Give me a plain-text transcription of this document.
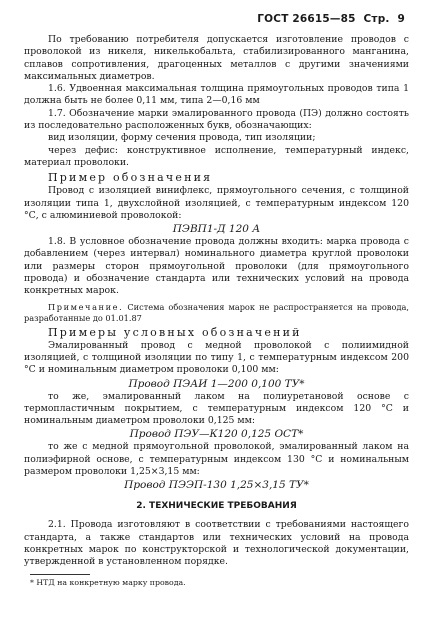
ГОСТ 26615—85 Стр. 9

По требованию потребителя допускается изготовление проводов с проволокой из никеля, никелькобальта, стабилизированного манганина, сплавов сопротивления, драгоценных металлов с другими значениями максимальных диаметров.

1.6. Удвоенная максимальная толщина прямоугольных проводов типа 1 должна быть не более 0,11 мм, типа 2—0,16 мм

1.7. Обозначение марки эмалированного провода (ПЭ) должно состоять из последовательно расположенных букв, обозначающих:

вид изоляции, форму сечения провода, тип изоляции;

через дефис: конструктивное исполнение, температурный индекс, материал проволоки.

Пример обозначения

Провод с изоляцией винифлекс, прямоугольного сечения, с толщиной изоляции типа 1, двухслойной изоляцией, с температурным индексом 120 °С, с алюминиевой проволокой:

ПЭВП1-Д 120 А

1.8. В условное обозначение провода должны входить: марка провода с добавлением (через интервал) номинального диаметра круглой проволоки или размеры сторон прямоугольной проволоки (для прямоугольного провода) и обозначение стандарта или технических условий на провода конкретных марок.

Примечание. Система обозначения марок не распространяется на провода, разработанные до 01.01.87

Примеры условных обозначений

Эмалированный провод с медной проволокой с полиимидной изоляцией, с толщиной изоляции по типу 1, с температурным индексом 200 °С и номинальным диаметром проволоки 0,100 мм:

Провод ПЭАИ 1—200 0,100 ТУ*

то же, эмалированный лаком на полиуретановой основе с термопластичным покрытием, с температурным индексом 120 °С и номинальным диаметром проволоки 0,125 мм:

Провод ПЭУ—К120 0,125 ОСТ*

то же с медной прямоугольной проволокой, эмалированный лаком на полиэфирной основе, с температурным индексом 130 °С и номинальным размером проволоки 1,25×3,15 мм:

Провод ПЭЭП-130 1,25×3,15 ТУ*

2. ТЕХНИЧЕСКИЕ ТРЕБОВАНИЯ

2.1. Провода изготовляют в соответствии с требованиями настоящего стандарта, а также стандартов или технических условий на провода конкретных марок по конструкторской и технологической документации, утвержденной в установленном порядке.

* НТД на конкретную марку провода.
